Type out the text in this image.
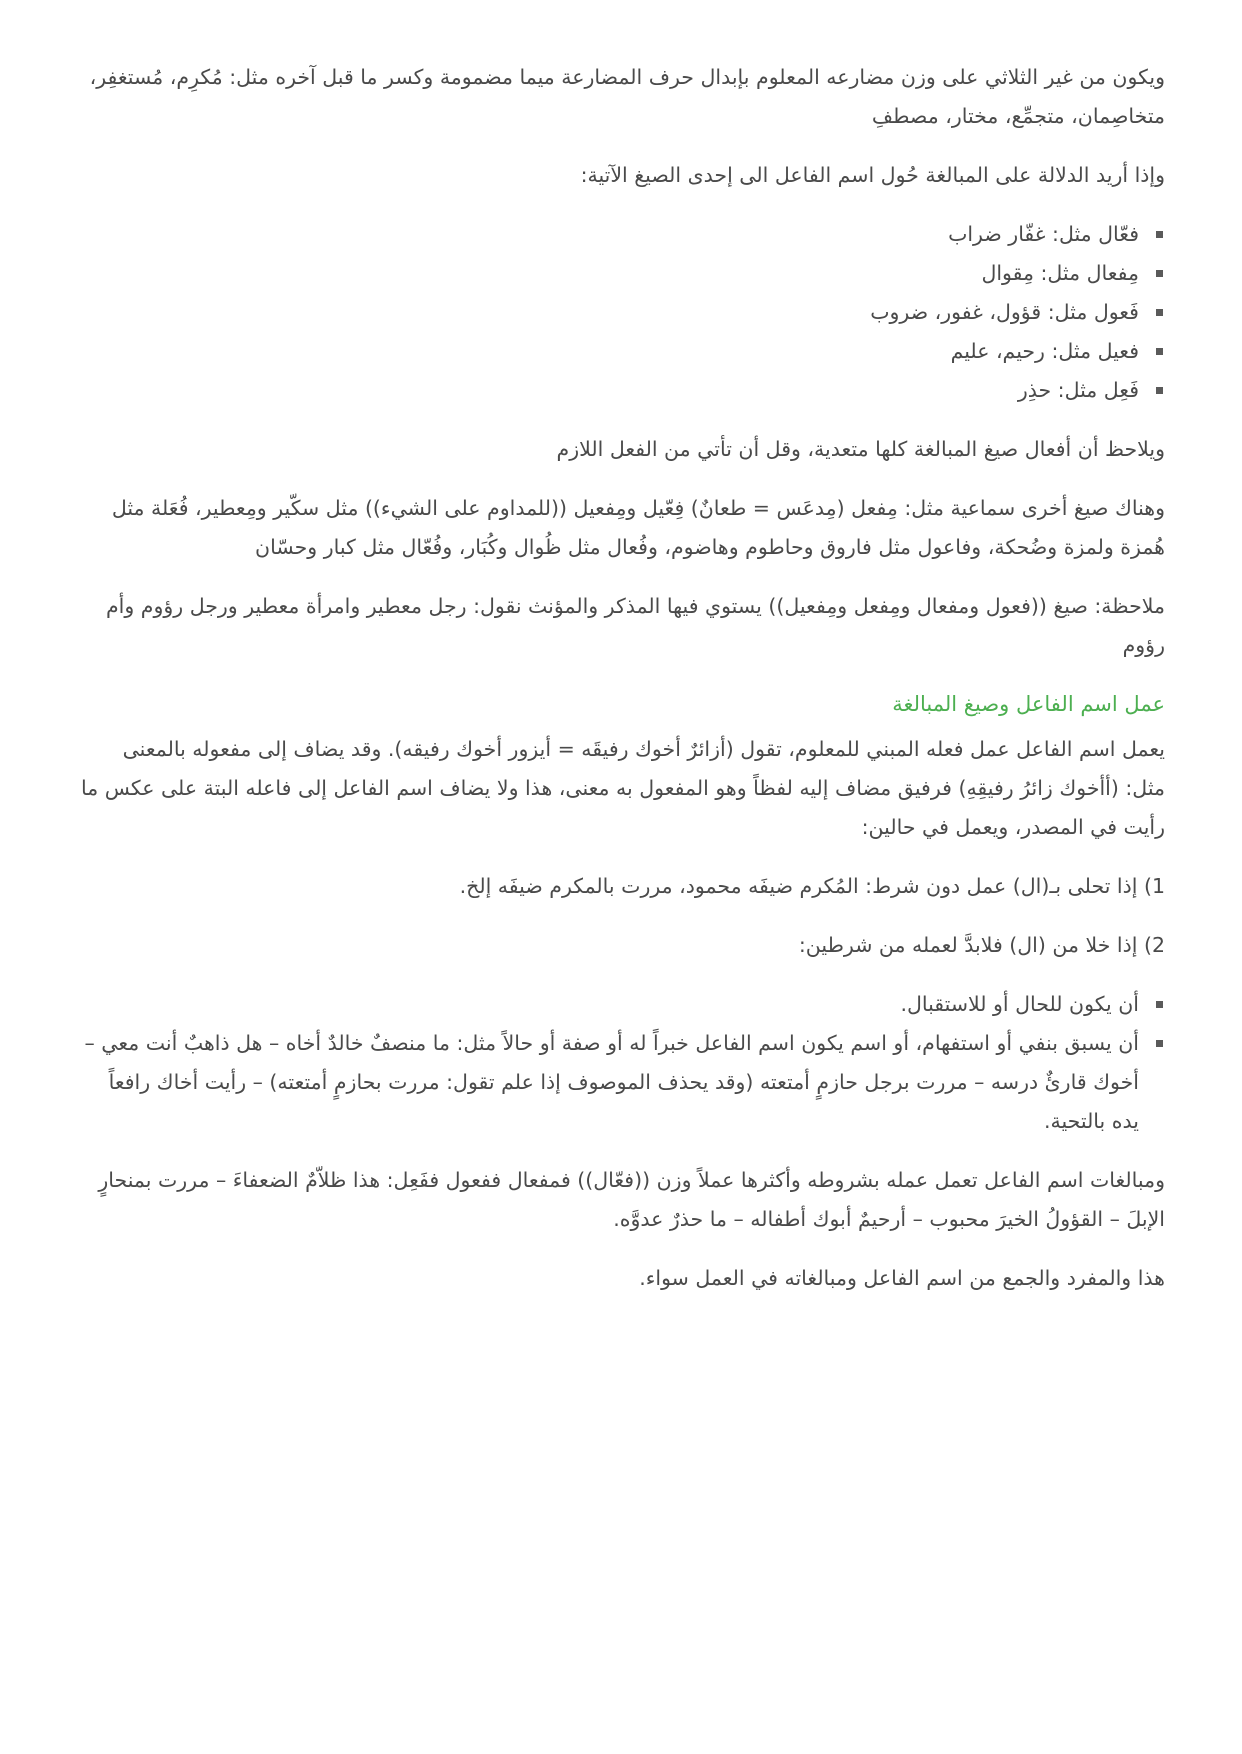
ويكون من غير الثلاثي على وزن مضارعه المعلوم بإبدال حرف المضارعة ميما مضمومة وكسر ما قبل آخره مثل: مُكرِم، مُستغفِر، متخاصِمان، متجمِّع، مختار، مصطفِ

وإذا أريد الدلالة على المبالغة حُول اسم الفاعل الى إحدى الصيغ الآتية:

فعّال مثل: غفّار ضراب
مِفعال مثل: مِقوال
فَعول مثل: قؤول، غفور، ضروب
فعيل مثل: رحيم، عليم
فَعِل مثل: حذِر

ويلاحظ أن أفعال صيغ المبالغة كلها متعدية، وقل أن تأتي من الفعل اللازم

وهناك صيغ أخرى سماعية مثل: مِفعل (مِدعَس = طعانٌ) فِعّيل ومِفعيل ((للمداوم على الشيء)) مثل سكّير ومِعطير، فُعَلة مثل هُمزة ولمزة وضُحكة، وفاعول مثل فاروق وحاطوم وهاضوم، وفُعال مثل ظُوال وكُبَار، وفُعّال مثل كبار وحسّان

ملاحظة: صيغ ((فعول ومفعال ومِفعل ومِفعيل)) يستوي فيها المذكر والمؤنث نقول: رجل معطير وامرأة معطير ورجل رؤوم وأم رؤوم

عمل اسم الفاعل وصيغ المبالغة

يعمل اسم الفاعل عمل فعله المبني للمعلوم، تقول (أزائرٌ أخوك رفيقَه = أيزور أخوك رفيقه). وقد يضاف إلى مفعوله بالمعنى مثل: (أأخوك زائرُ رفيقِهِ) فرفيق مضاف إليه لفظاً وهو المفعول به معنى، هذا ولا يضاف اسم الفاعل إلى فاعله البتة على عكس ما رأيت في المصدر، ويعمل في حالين:

1) إذا تحلى بـ(ال) عمل دون شرط: المُكرم ضيفَه محمود، مررت بالمكرم ضيفَه إلخ.

2) إذا خلا من (ال) فلابدَّ لعمله من شرطين:

أن يكون للحال أو للاستقبال.
أن يسبق بنفي أو استفهام، أو اسم يكون اسم الفاعل خبراً له أو صفة أو حالاً مثل: ما منصفٌ خالدٌ أخاه – هل ذاهبٌ أنت معي – أخوك قارئٌ درسه – مررت برجل حازمٍ أمتعته (وقد يحذف الموصوف إذا علم تقول: مررت بحازمٍ أمتعته) – رأيت أخاك رافعاً يده بالتحية.

ومبالغات اسم الفاعل تعمل عمله بشروطه وأكثرها عملاً وزن ((فعّال)) فمفعال ففعول ففَعِل: هذا ظلاّمٌ الضعفاءَ – مررت بمنحارٍ الإبلَ – القؤولُ الخيرَ محبوب – أرحيمٌ أبوك أطفاله – ما حذرٌ عدوَّه.

هذا والمفرد والجمع من اسم الفاعل ومبالغاته في العمل سواء.
